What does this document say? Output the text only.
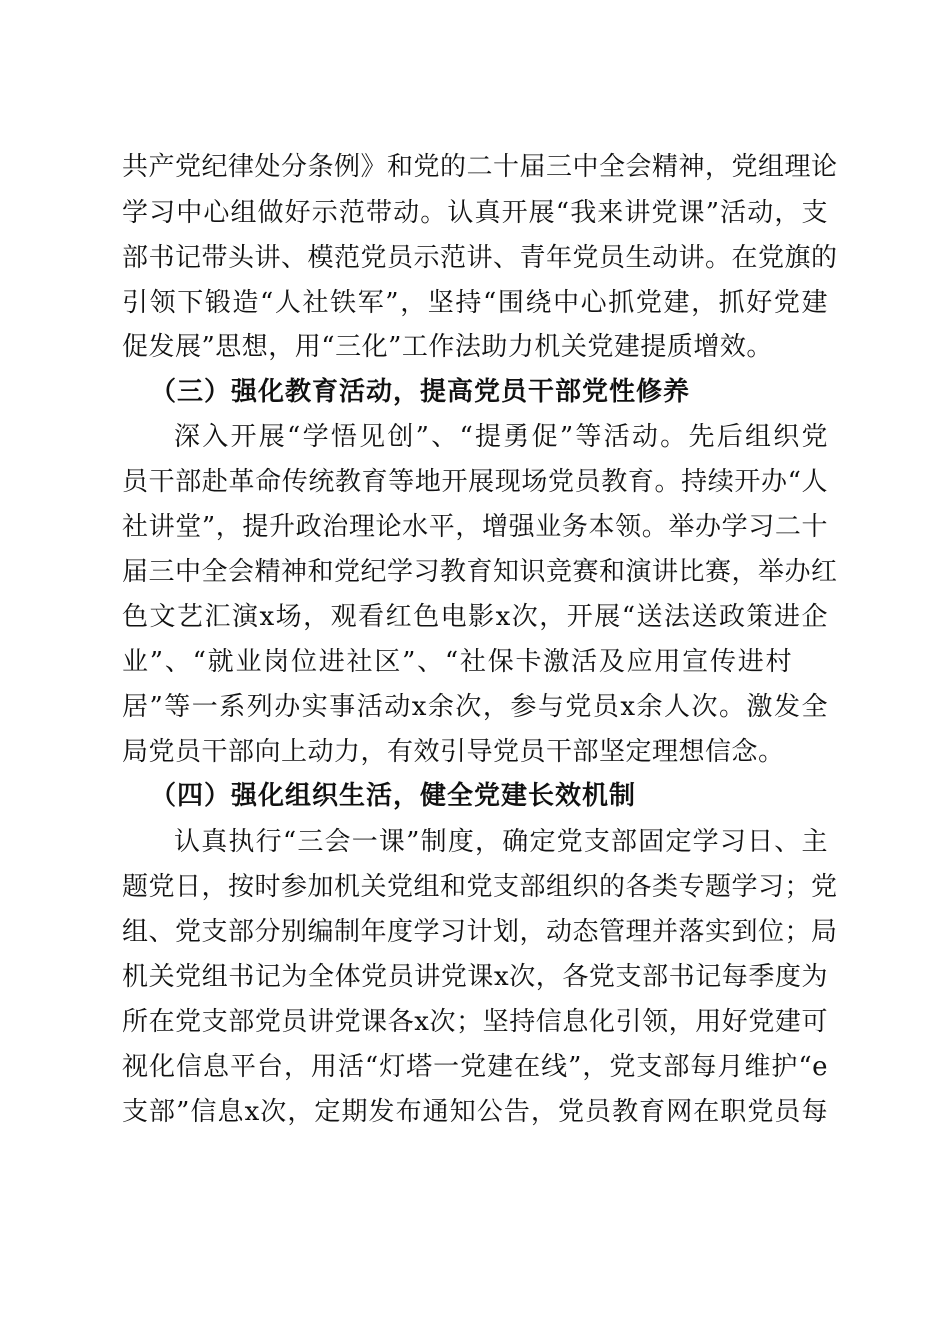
共产党纪律处分条例》和党的二十届三中全会精神，党组理论
学习中心组做好示范带动。认真开展“我来讲党课”活动，支
部书记带头讲、模范党员示范讲、青年党员生动讲。在党旗的
引领下锻造“人社铁军”，坚持“围绕中心抓党建，抓好党建
促发展”思想，用“三化”工作法助力机关党建提质增效。
（三）强化教育活动，提高党员干部党性修养
深入开展“学悟见创”、“提勇促”等活动。先后组织党
员干部赴革命传统教育等地开展现场党员教育。持续开办“人
社讲堂”，提升政治理论水平，增强业务本领。举办学习二十
届三中全会精神和党纪学习教育知识竞赛和演讲比赛，举办红
色文艺汇演x场，观看红色电影x次，开展“送法送政策进企
业”、“就业岗位进社区”、“社保卡激活及应用宣传进村
居”等一系列办实事活动x余次，参与党员x余人次。激发全
局党员干部向上动力，有效引导党员干部坚定理想信念。
（四）强化组织生活，健全党建长效机制
认真执行“三会一课”制度，确定党支部固定学习日、主
题党日，按时参加机关党组和党支部组织的各类专题学习；党
组、党支部分别编制年度学习计划，动态管理并落实到位；局
机关党组书记为全体党员讲党课x次，各党支部书记每季度为
所在党支部党员讲党课各x次；坚持信息化引领，用好党建可
视化信息平台，用活“灯塔一党建在线”，党支部每月维护“e
支部”信息x次，定期发布通知公告，党员教育网在职党员每
